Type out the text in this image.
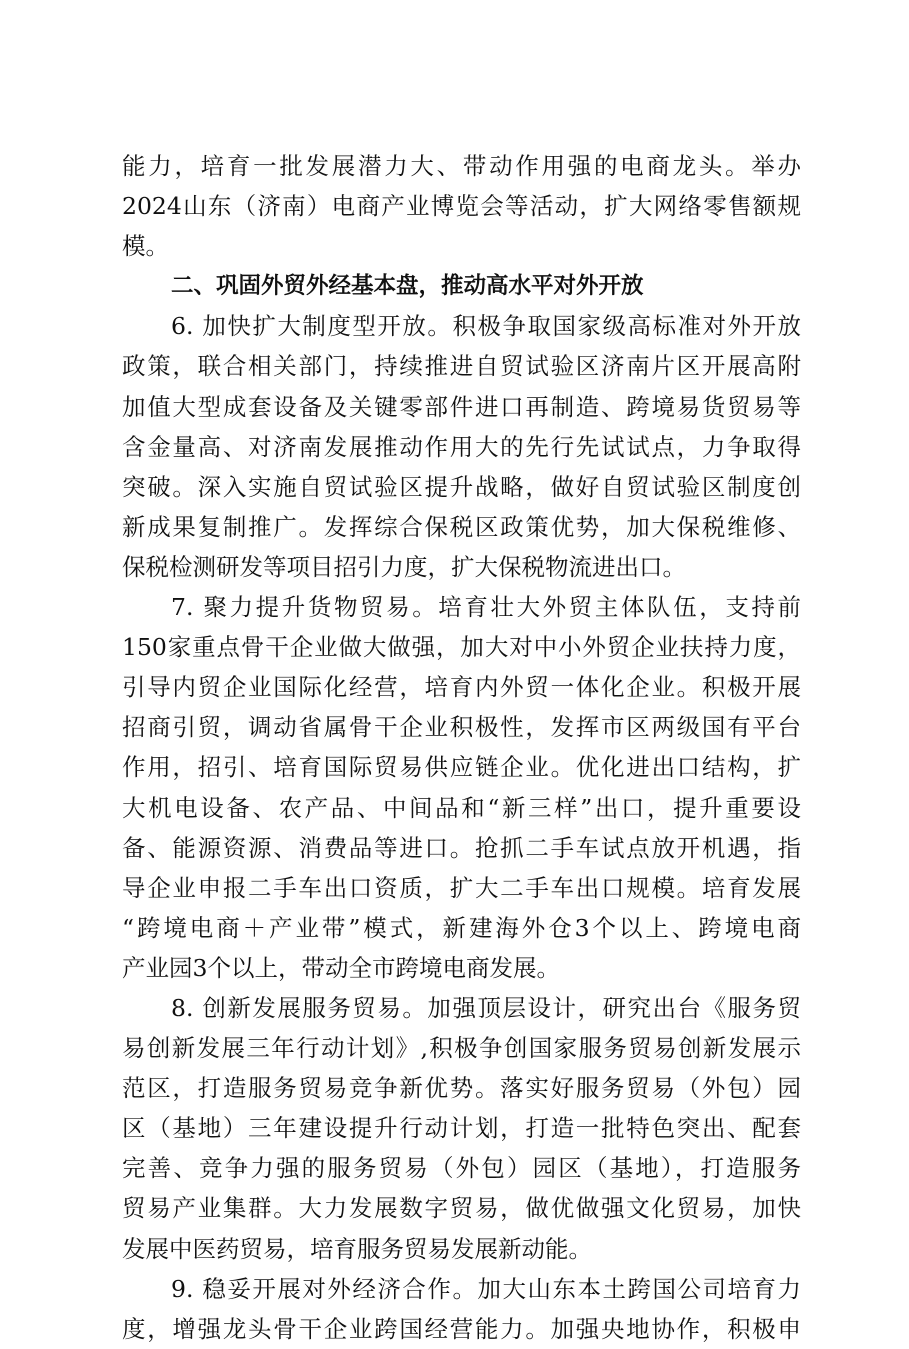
能力，培育一批发展潜力大、带动作用强的电商龙头。举办
2024山东（济南）电商产业博览会等活动，扩大网络零售额规
模。
二、巩固外贸外经基本盘，推动高水平对外开放
6. 加快扩大制度型开放。积极争取国家级高标准对外开放
政策，联合相关部门，持续推进自贸试验区济南片区开展高附
加值大型成套设备及关键零部件进口再制造、跨境易货贸易等
含金量高、对济南发展推动作用大的先行先试试点，力争取得
突破。深入实施自贸试验区提升战略，做好自贸试验区制度创
新成果复制推广。发挥综合保税区政策优势，加大保税维修、
保税检测研发等项目招引力度，扩大保税物流进出口。
7. 聚力提升货物贸易。培育壮大外贸主体队伍，支持前
150家重点骨干企业做大做强，加大对中小外贸企业扶持力度，
引导内贸企业国际化经营，培育内外贸一体化企业。积极开展
招商引贸，调动省属骨干企业积极性，发挥市区两级国有平台
作用，招引、培育国际贸易供应链企业。优化进出口结构，扩
大机电设备、农产品、中间品和“新三样”出口，提升重要设
备、能源资源、消费品等进口。抢抓二手车试点放开机遇，指
导企业申报二手车出口资质，扩大二手车出口规模。培育发展
“跨境电商＋产业带”模式，新建海外仓3个以上、跨境电商
产业园3个以上，带动全市跨境电商发展。
8. 创新发展服务贸易。加强顶层设计，研究出台《服务贸
易创新发展三年行动计划》,积极争创国家服务贸易创新发展示
范区，打造服务贸易竞争新优势。落实好服务贸易（外包）园
区（基地）三年建设提升行动计划，打造一批特色突出、配套
完善、竞争力强的服务贸易（外包）园区（基地），打造服务
贸易产业集群。大力发展数字贸易，做优做强文化贸易，加快
发展中医药贸易，培育服务贸易发展新动能。
9. 稳妥开展对外经济合作。加大山东本土跨国公司培育力
度，增强龙头骨干企业跨国经营能力。加强央地协作，积极申
